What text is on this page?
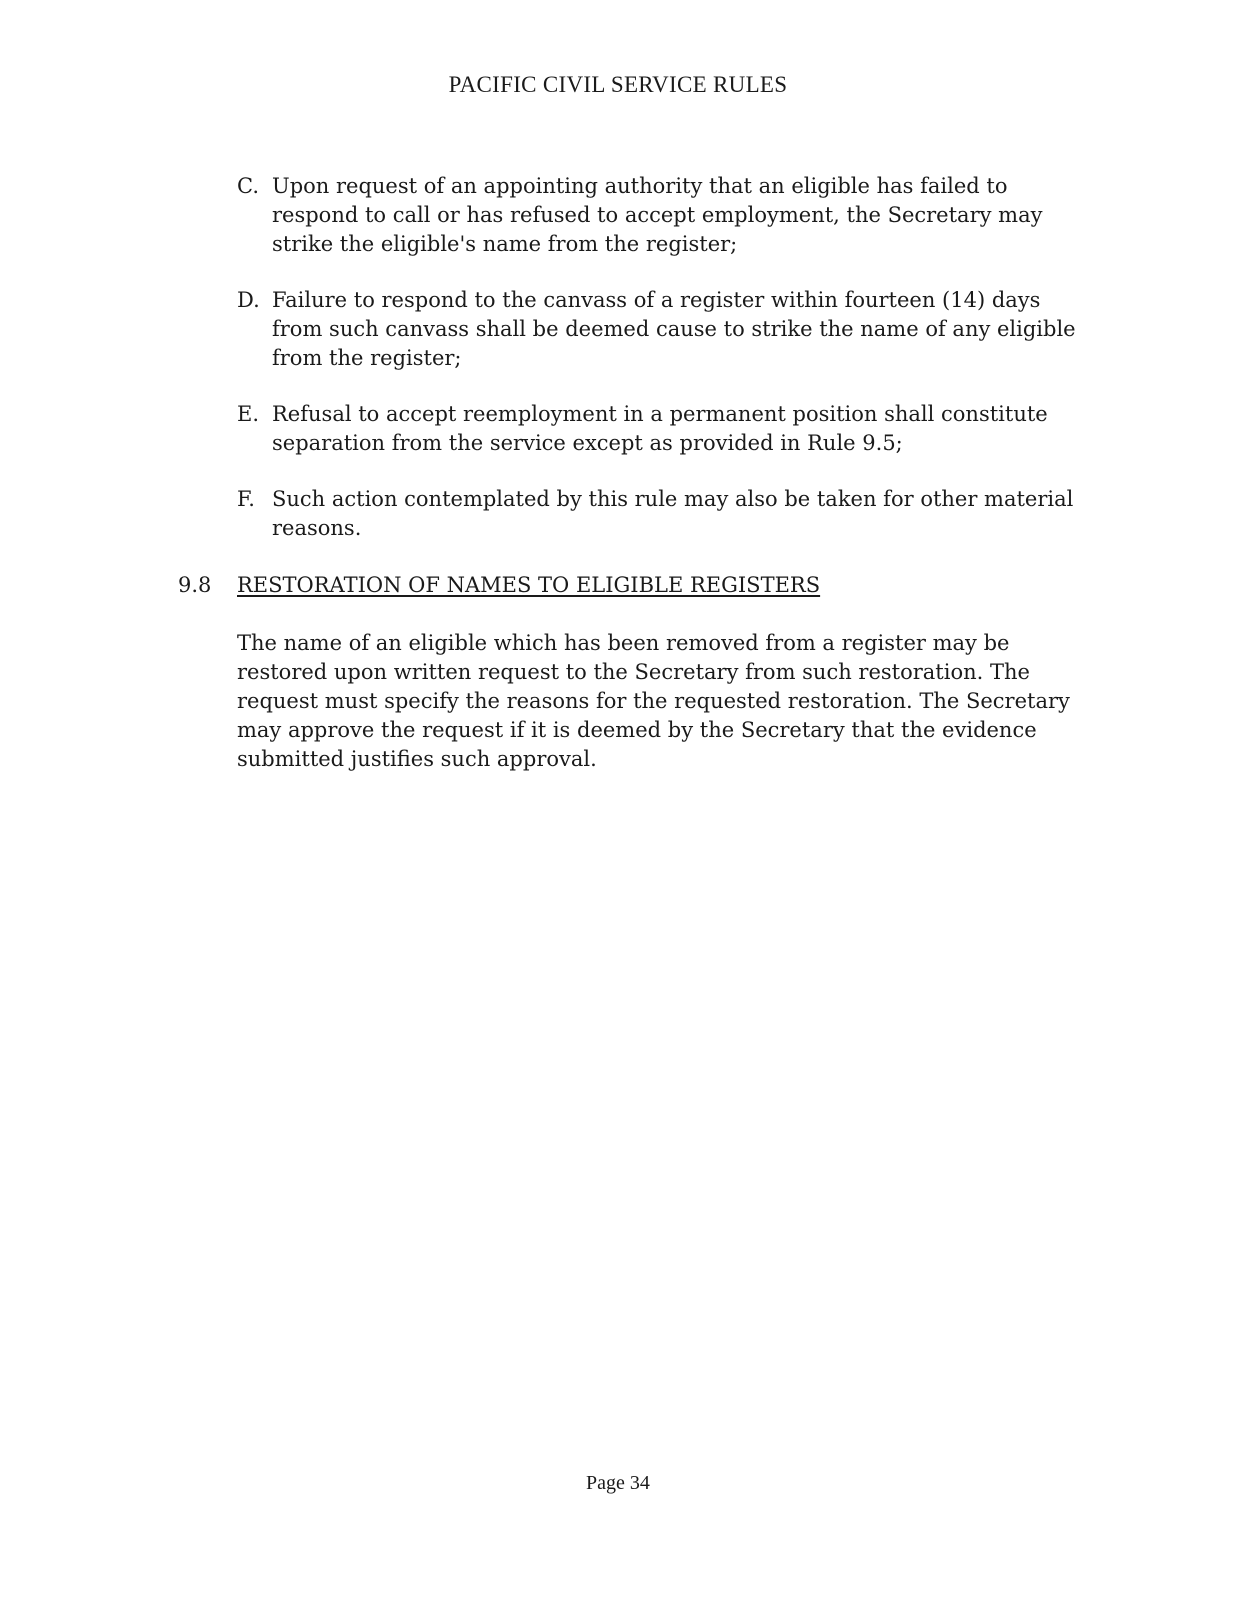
PACIFIC CIVIL SERVICE RULES
C. Upon request of an appointing authority that an eligible has failed to
respond to call or has refused to accept employment, the Secretary may
strike the eligible's name from the register;
D. Failure to respond to the canvass of a register within fourteen (14) days
from such canvass shall be deemed cause to strike the name of any eligible
from the register;
E. Refusal to accept reemployment in a permanent position shall constitute
separation from the service except as provided in Rule 9.5;
F. Such action contemplated by this rule may also be taken for other material
reasons.
9.8	RESTORATION OF NAMES TO ELIGIBLE REGISTERS
The name of an eligible which has been removed from a register may be
restored upon written request to the Secretary from such restoration. The
request must specify the reasons for the requested restoration. The Secretary
may approve the request if it is deemed by the Secretary that the evidence
submitted justifies such approval.
Page 34
